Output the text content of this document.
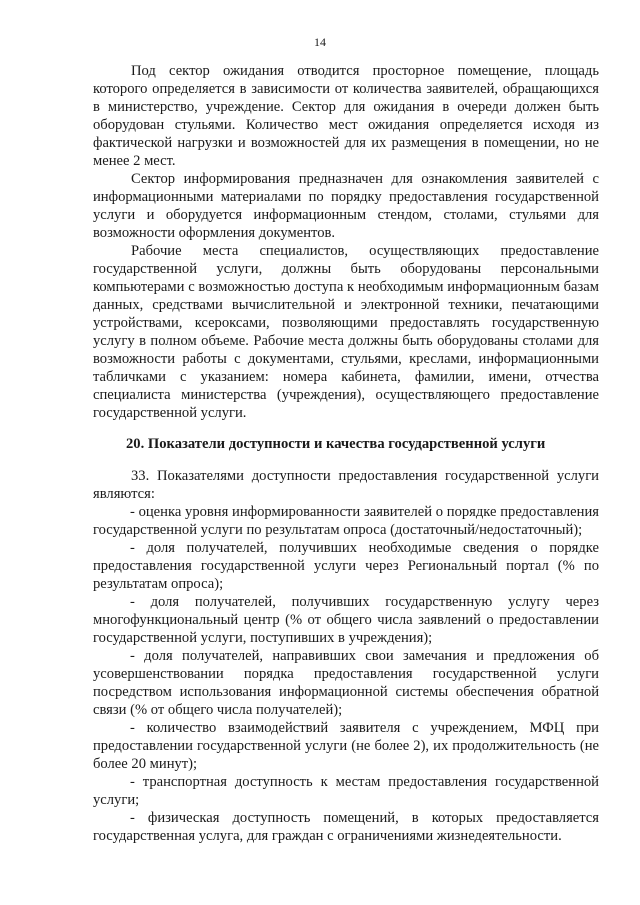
14

Под сектор ожидания отводится просторное помещение, площадь которого определяется в зависимости от количества заявителей, обращающихся в министерство, учреждение. Сектор для ожидания в очереди должен быть оборудован стульями. Количество мест ожидания определяется исходя из фактической нагрузки и возможностей для их размещения в помещении, но не менее 2 мест.

Сектор информирования предназначен для ознакомления заявителей с информационными материалами по порядку предоставления государственной услуги и оборудуется информационным стендом, столами, стульями для возможности оформления документов.

Рабочие места специалистов, осуществляющих предоставление государственной услуги, должны быть оборудованы персональными компьютерами с возможностью доступа к необходимым информационным базам данных, средствами вычислительной и электронной техники, печатающими устройствами, ксероксами, позволяющими предоставлять государственную услугу в полном объеме. Рабочие места должны быть оборудованы столами для возможности работы с документами, стульями, креслами, информационными табличками с указанием: номера кабинета, фамилии, имени, отчества специалиста министерства (учреждения), осуществляющего предоставление государственной услуги.

20. Показатели доступности и качества государственной услуги

33. Показателями доступности предоставления государственной услуги являются:

- оценка уровня информированности заявителей о порядке предоставления государственной услуги по результатам опроса (достаточный/недостаточный);

- доля получателей, получивших необходимые сведения о порядке предоставления государственной услуги через Региональный портал (% по результатам опроса);

- доля получателей, получивших государственную услугу через многофункциональный центр (% от общего числа заявлений о предоставлении государственной услуги, поступивших в учреждения);

- доля получателей, направивших свои замечания и предложения об усовершенствовании порядка предоставления государственной услуги посредством использования информационной системы обеспечения обратной связи (% от общего числа получателей);

- количество взаимодействий заявителя с учреждением, МФЦ при предоставлении государственной услуги (не более 2), их продолжительность (не более 20 минут);

- транспортная доступность к местам предоставления государственной услуги;

- физическая доступность помещений, в которых предоставляется государственная услуга, для граждан с ограничениями жизнедеятельности.
